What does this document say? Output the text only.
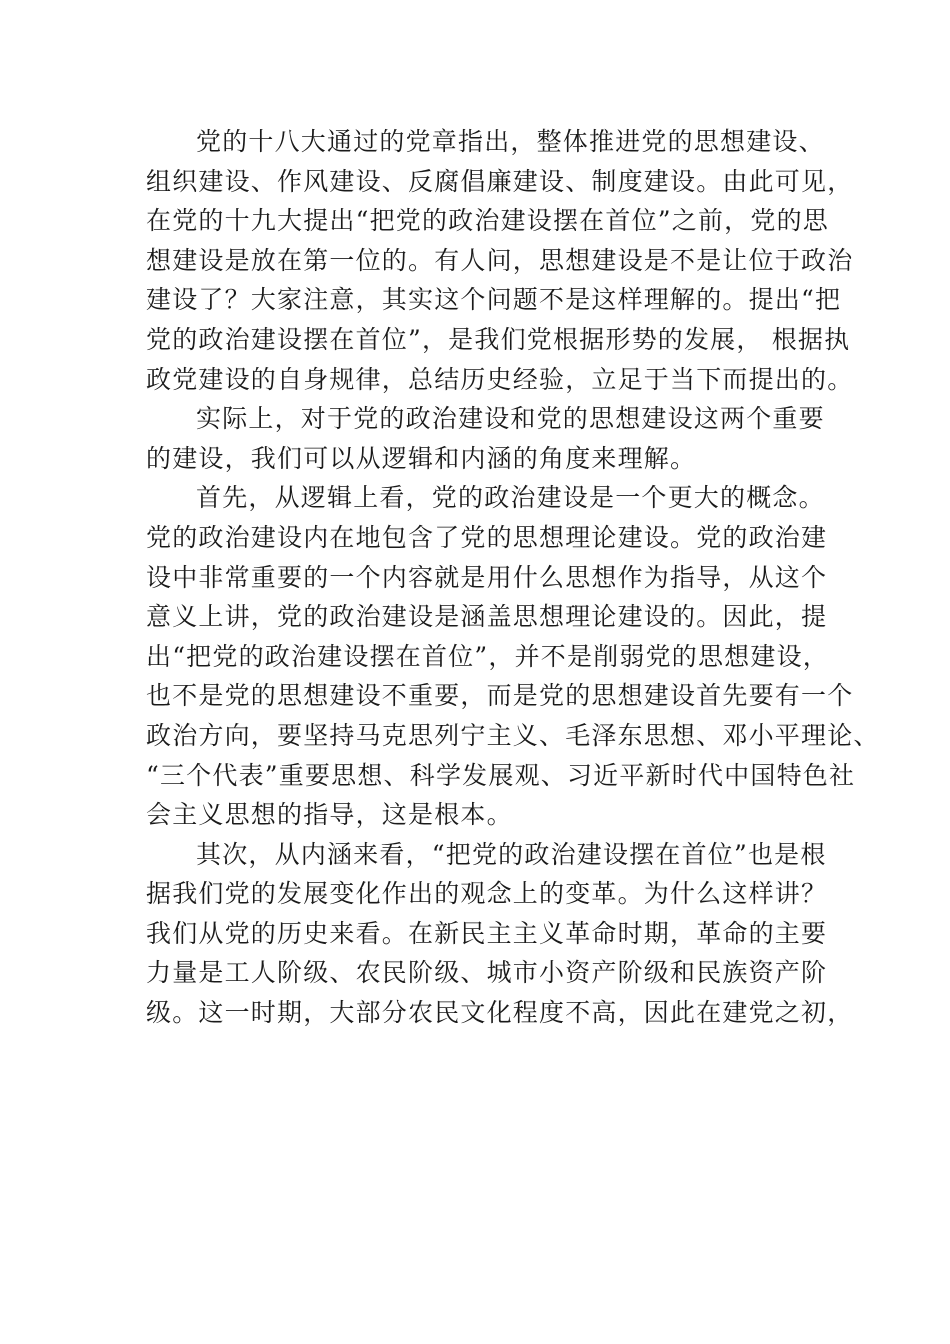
党的十八大通过的党章指出，整体推进党的思想建设、
组织建设、作风建设、反腐倡廉建设、制度建设。由此可见，
在党的十九大提出“把党的政治建设摆在首位”之前，党的思
想建设是放在第一位的。有人问，思想建设是不是让位于政治
建设了？大家注意，其实这个问题不是这样理解的。提出“把
党的政治建设摆在首位”，是我们党根据形势的发展， 根据执
政党建设的自身规律，总结历史经验，立足于当下而提出的。
实际上，对于党的政治建设和党的思想建设这两个重要
的建设，我们可以从逻辑和内涵的角度来理解。
首先，从逻辑上看，党的政治建设是一个更大的概念。
党的政治建设内在地包含了党的思想理论建设。党的政治建
设中非常重要的一个内容就是用什么思想作为指导，从这个
意义上讲，党的政治建设是涵盖思想理论建设的。因此，提
出“把党的政治建设摆在首位”，并不是削弱党的思想建设，
也不是党的思想建设不重要，而是党的思想建设首先要有一个
政治方向，要坚持马克思列宁主义、毛泽东思想、邓小平理论、
“三个代表”重要思想、科学发展观、习近平新时代中国特色社
会主义思想的指导，这是根本。
其次，从内涵来看，“把党的政治建设摆在首位”也是根
据我们党的发展变化作出的观念上的变革。为什么这样讲？
我们从党的历史来看。在新民主主义革命时期，革命的主要
力量是工人阶级、农民阶级、城市小资产阶级和民族资产阶
级。这一时期，大部分农民文化程度不高，因此在建党之初，
